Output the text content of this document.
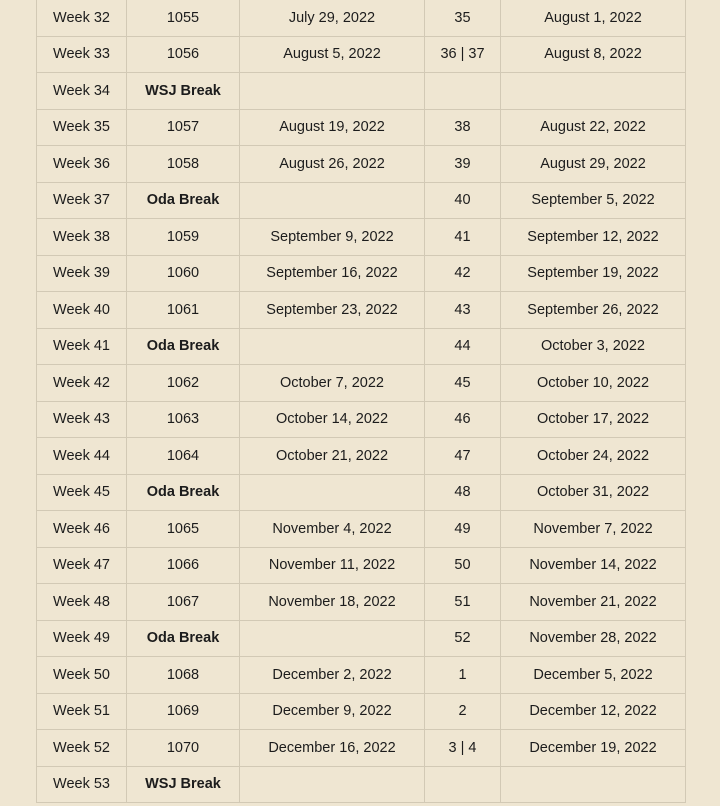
Week 32	1055	July 29, 2022	35	August 1, 2022
Week 33	1056	August 5, 2022	36 | 37	August 8, 2022
Week 34	WSJ Break			
Week 35	1057	August 19, 2022	38	August 22, 2022
Week 36	1058	August 26, 2022	39	August 29, 2022
Week 37	Oda Break		40	September 5, 2022
Week 38	1059	September 9, 2022	41	September 12, 2022
Week 39	1060	September 16, 2022	42	September 19, 2022
Week 40	1061	September 23, 2022	43	September 26, 2022
Week 41	Oda Break		44	October 3, 2022
Week 42	1062	October 7, 2022	45	October 10, 2022
Week 43	1063	October 14, 2022	46	October 17, 2022
Week 44	1064	October 21, 2022	47	October 24, 2022
Week 45	Oda Break		48	October 31, 2022
Week 46	1065	November 4, 2022	49	November 7, 2022
Week 47	1066	November 11, 2022	50	November 14, 2022
Week 48	1067	November 18, 2022	51	November 21, 2022
Week 49	Oda Break		52	November 28, 2022
Week 50	1068	December 2, 2022	1	December 5, 2022
Week 51	1069	December 9, 2022	2	December 12, 2022
Week 52	1070	December 16, 2022	3 | 4	December 19, 2022
Week 53	WSJ Break			
